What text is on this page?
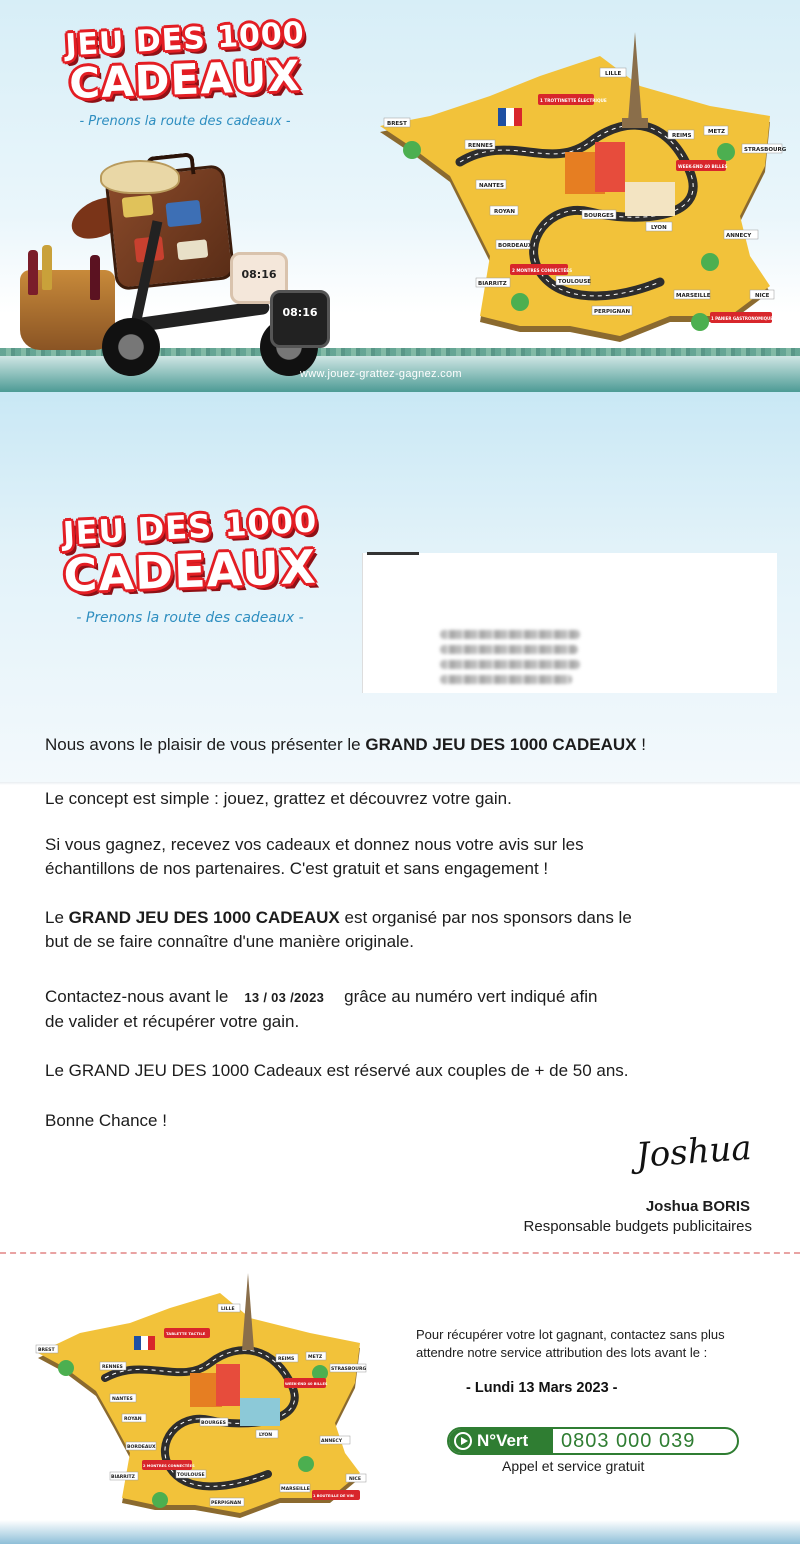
JEU DES 1000
CADEAUX
- Prenons la route des cadeaux -
08:16
08:16
www.jouez-grattez-gagnez.com
LILLE
BREST
RENNES
REIMS
METZ
STRASBOURG
NANTES
ROYAN
BOURGES
LYON
ANNECY
BORDEAUX
BIARRITZ	TOULOUSE
MARSEILLE	NICE
PERPIGNAN
1 TROTTINETTE ÉLECTRIQUE
WEEK-END 40 BILLES
2 MONTRES CONNECTÉES
1 PANIER GASTRONOMIQUE
JEU DES 1000
CADEAUX
- Prenons la route des cadeaux -

Nous avons le plaisir de vous présenter le GRAND JEU DES 1000 CADEAUX !

Le concept est simple : jouez, grattez et découvrez votre gain.

Si vous gagnez, recevez vos cadeaux et donnez nous votre avis sur les
échantillons de nos partenaires. C'est gratuit et sans engagement !

Le GRAND JEU DES 1000 CADEAUX est organisé par nos sponsors dans le
but de se faire connaître d'une manière originale.

Contactez-nous avant le 13 / 03 /2023 grâce au numéro vert indiqué afin
de valider et récupérer votre gain.

Le GRAND JEU DES 1000 Cadeaux est réservé aux couples de + de 50 ans.

Bonne Chance !

Joshua
Joshua BORIS
Responsable budgets publicitaires
LILLE
BREST
RENNES
REIMS	METZ
STRASBOURG
NANTES
ROYAN
BOURGES
LYON
ANNECY
BORDEAUX
BIARRITZ	TOULOUSE
MARSEILLE
NICE
PERPIGNAN
TABLETTE TACTILE
WEEK-END 40 BILLES
2 MONTRES CONNECTÉES
1 BOUTEILLE DE VIN
Pour récupérer votre lot gagnant, contactez sans plus
attendre notre service attribution des lots avant le :
- Lundi 13 Mars 2023 -
N°Vert	0803 000 039
Appel et service gratuit
